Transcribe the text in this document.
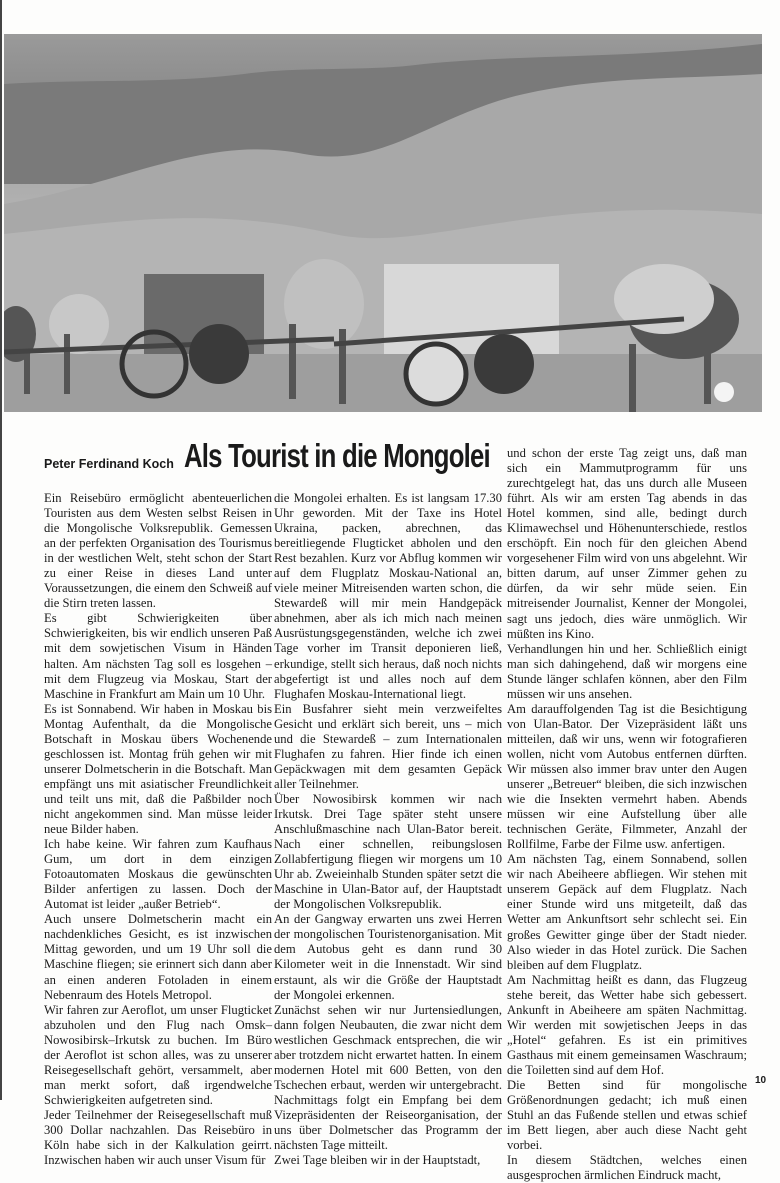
Peter Ferdinand Koch Als Tourist in die Mongolei

Ein Reisebüro ermöglicht abenteuerlichen Touristen aus dem Westen selbst Reisen in die Mongolische Volksrepublik. Gemessen an der perfekten Organisation des Tourismus in der westlichen Welt, steht schon der Start zu einer Reise in dieses Land unter Voraussetzungen, die einem den Schweiß auf die Stirn treten lassen.

Es gibt Schwierigkeiten über Schwierigkeiten, bis wir endlich unseren Paß mit dem sowjetischen Visum in Händen halten. Am nächsten Tag soll es losgehen – mit dem Flugzeug via Moskau, Start der Maschine in Frankfurt am Main um 10 Uhr.

Es ist Sonnabend. Wir haben in Moskau bis Montag Aufenthalt, da die Mongolische Botschaft in Moskau übers Wochenende geschlossen ist. Montag früh gehen wir mit unserer Dolmetscherin in die Botschaft. Man empfängt uns mit asiatischer Freundlichkeit und teilt uns mit, daß die Paßbilder noch nicht angekommen sind. Man müsse leider neue Bilder haben.

Ich habe keine. Wir fahren zum Kaufhaus Gum, um dort in dem einzigen Fotoautomaten Moskaus die gewünschten Bilder anfertigen zu lassen. Doch der Automat ist leider „außer Betrieb“.

Auch unsere Dolmetscherin macht ein nachdenkliches Gesicht, es ist inzwischen Mittag geworden, und um 19 Uhr soll die Maschine fliegen; sie erinnert sich dann aber an einen anderen Fotoladen in einem Nebenraum des Hotels Metropol.

Wir fahren zur Aeroflot, um unser Flugticket abzuholen und den Flug nach Omsk–Nowosibirsk–Irkutsk zu buchen. Im Büro der Aeroflot ist schon alles, was zu unserer Reisegesellschaft gehört, versammelt, aber man merkt sofort, daß irgendwelche Schwierigkeiten aufgetreten sind.

Jeder Teilnehmer der Reisegesellschaft muß 300 Dollar nachzahlen. Das Reisebüro in Köln habe sich in der Kalkulation geirrt. Inzwischen haben wir auch unser Visum für

die Mongolei erhalten. Es ist langsam 17.30 Uhr geworden. Mit der Taxe ins Hotel Ukraina, packen, abrechnen, das bereitliegende Flugticket abholen und den Rest bezahlen. Kurz vor Abflug kommen wir auf dem Flugplatz Moskau-National an, viele meiner Mitreisenden warten schon, die Stewardeß will mir mein Handgepäck abnehmen, aber als ich mich nach meinen Ausrüstungsgegenständen, welche ich zwei Tage vorher im Transit deponieren ließ, erkundige, stellt sich heraus, daß noch nichts abgefertigt ist und alles noch auf dem Flughafen Moskau-International liegt.

Ein Busfahrer sieht mein verzweifeltes Gesicht und erklärt sich bereit, uns – mich und die Stewardeß – zum Internationalen Flughafen zu fahren. Hier finde ich einen Gepäckwagen mit dem gesamten Gepäck aller Teilnehmer.

Über Nowosibirsk kommen wir nach Irkutsk. Drei Tage später steht unsere Anschlußmaschine nach Ulan-Bator bereit. Nach einer schnellen, reibungslosen Zollabfertigung fliegen wir morgens um 10 Uhr ab. Zweieinhalb Stunden später setzt die Maschine in Ulan-Bator auf, der Hauptstadt der Mongolischen Volksrepublik.

An der Gangway erwarten uns zwei Herren der mongolischen Touristenorganisation. Mit dem Autobus geht es dann rund 30 Kilometer weit in die Innenstadt. Wir sind erstaunt, als wir die Größe der Hauptstadt der Mongolei erkennen.

Zunächst sehen wir nur Jurtensiedlungen, dann folgen Neubauten, die zwar nicht dem westlichen Geschmack entsprechen, die wir aber trotzdem nicht erwartet hatten. In einem modernen Hotel mit 600 Betten, von den Tschechen erbaut, werden wir untergebracht. Nachmittags folgt ein Empfang bei dem Vizepräsidenten der Reiseorganisation, der uns über Dolmetscher das Programm der nächsten Tage mitteilt.

Zwei Tage bleiben wir in der Hauptstadt,

und schon der erste Tag zeigt uns, daß man sich ein Mammutprogramm für uns zurechtgelegt hat, das uns durch alle Museen führt. Als wir am ersten Tag abends in das Hotel kommen, sind alle, bedingt durch Klimawechsel und Höhenunterschiede, restlos erschöpft. Ein noch für den gleichen Abend vorgesehener Film wird von uns abgelehnt. Wir bitten darum, auf unser Zimmer gehen zu dürfen, da wir sehr müde seien. Ein mitreisender Journalist, Kenner der Mongolei, sagt uns jedoch, dies wäre unmöglich. Wir müßten ins Kino.

Verhandlungen hin und her. Schließlich einigt man sich dahingehend, daß wir morgens eine Stunde länger schlafen können, aber den Film müssen wir uns ansehen.

Am darauffolgenden Tag ist die Besichtigung von Ulan-Bator. Der Vizepräsident läßt uns mitteilen, daß wir uns, wenn wir fotografieren wollen, nicht vom Autobus entfernen dürften. Wir müssen also immer brav unter den Augen unserer „Betreuer“ bleiben, die sich inzwischen wie die Insekten vermehrt haben. Abends müssen wir eine Aufstellung über alle technischen Geräte, Filmmeter, Anzahl der Rollfilme, Farbe der Filme usw. anfertigen.

Am nächsten Tag, einem Sonnabend, sollen wir nach Abeiheere abfliegen. Wir stehen mit unserem Gepäck auf dem Flugplatz. Nach einer Stunde wird uns mitgeteilt, daß das Wetter am Ankunftsort sehr schlecht sei. Ein großes Gewitter ginge über der Stadt nieder. Also wieder in das Hotel zurück. Die Sachen bleiben auf dem Flugplatz.

Am Nachmittag heißt es dann, das Flugzeug stehe bereit, das Wetter habe sich gebessert. Ankunft in Abeiheere am späten Nachmittag. Wir werden mit sowjetischen Jeeps in das „Hotel“ gefahren. Es ist ein primitives Gasthaus mit einem gemeinsamen Waschraum; die Toiletten sind auf dem Hof.

Die Betten sind für mongolische Größenordnungen gedacht; ich muß einen Stuhl an das Fußende stellen und etwas schief im Bett liegen, aber auch diese Nacht geht vorbei.

In diesem Städtchen, welches einen ausgesprochen ärmlichen Eindruck macht,

10
